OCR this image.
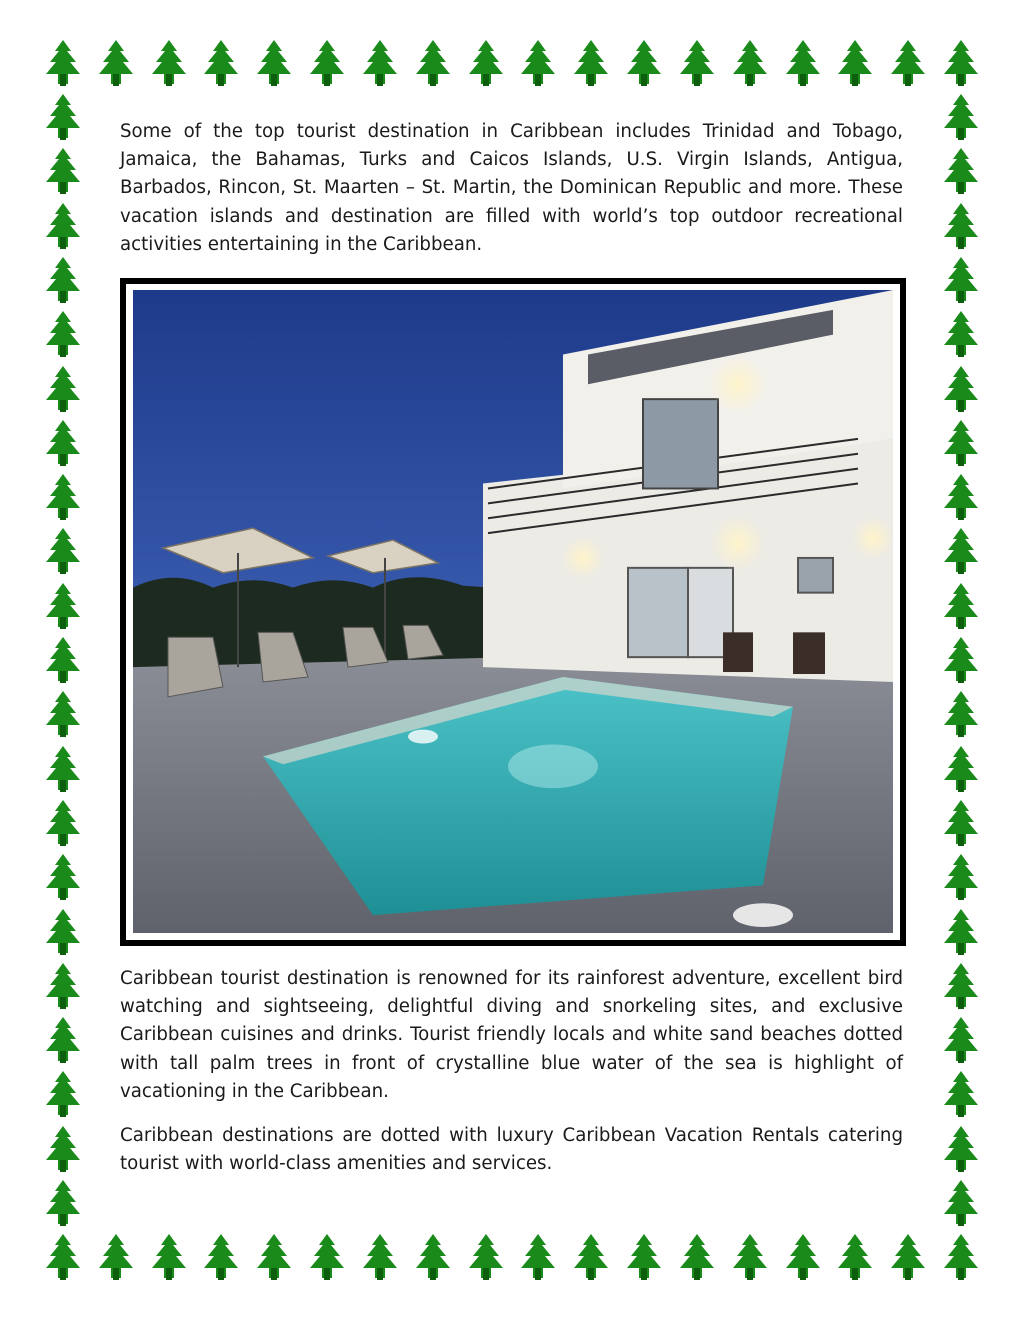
Some of the top tourist destination in Caribbean includes Trinidad and Tobago, Jamaica, the Bahamas, Turks and Caicos Islands, U.S. Virgin Islands, Antigua, Barbados, Rincon, St. Maarten – St. Martin, the Dominican Republic and more. These vacation islands and destination are filled with world’s top outdoor recreational activities entertaining in the Caribbean.

Caribbean tourist destination is renowned for its rainforest adventure, excellent bird watching and sightseeing, delightful diving and snorkeling sites, and exclusive Caribbean cuisines and drinks. Tourist friendly locals and white sand beaches dotted with tall palm trees in front of crystalline blue water of the sea is highlight of vacationing in the Caribbean.

Caribbean destinations are dotted with luxury Caribbean Vacation Rentals catering tourist with world-class amenities and services.
